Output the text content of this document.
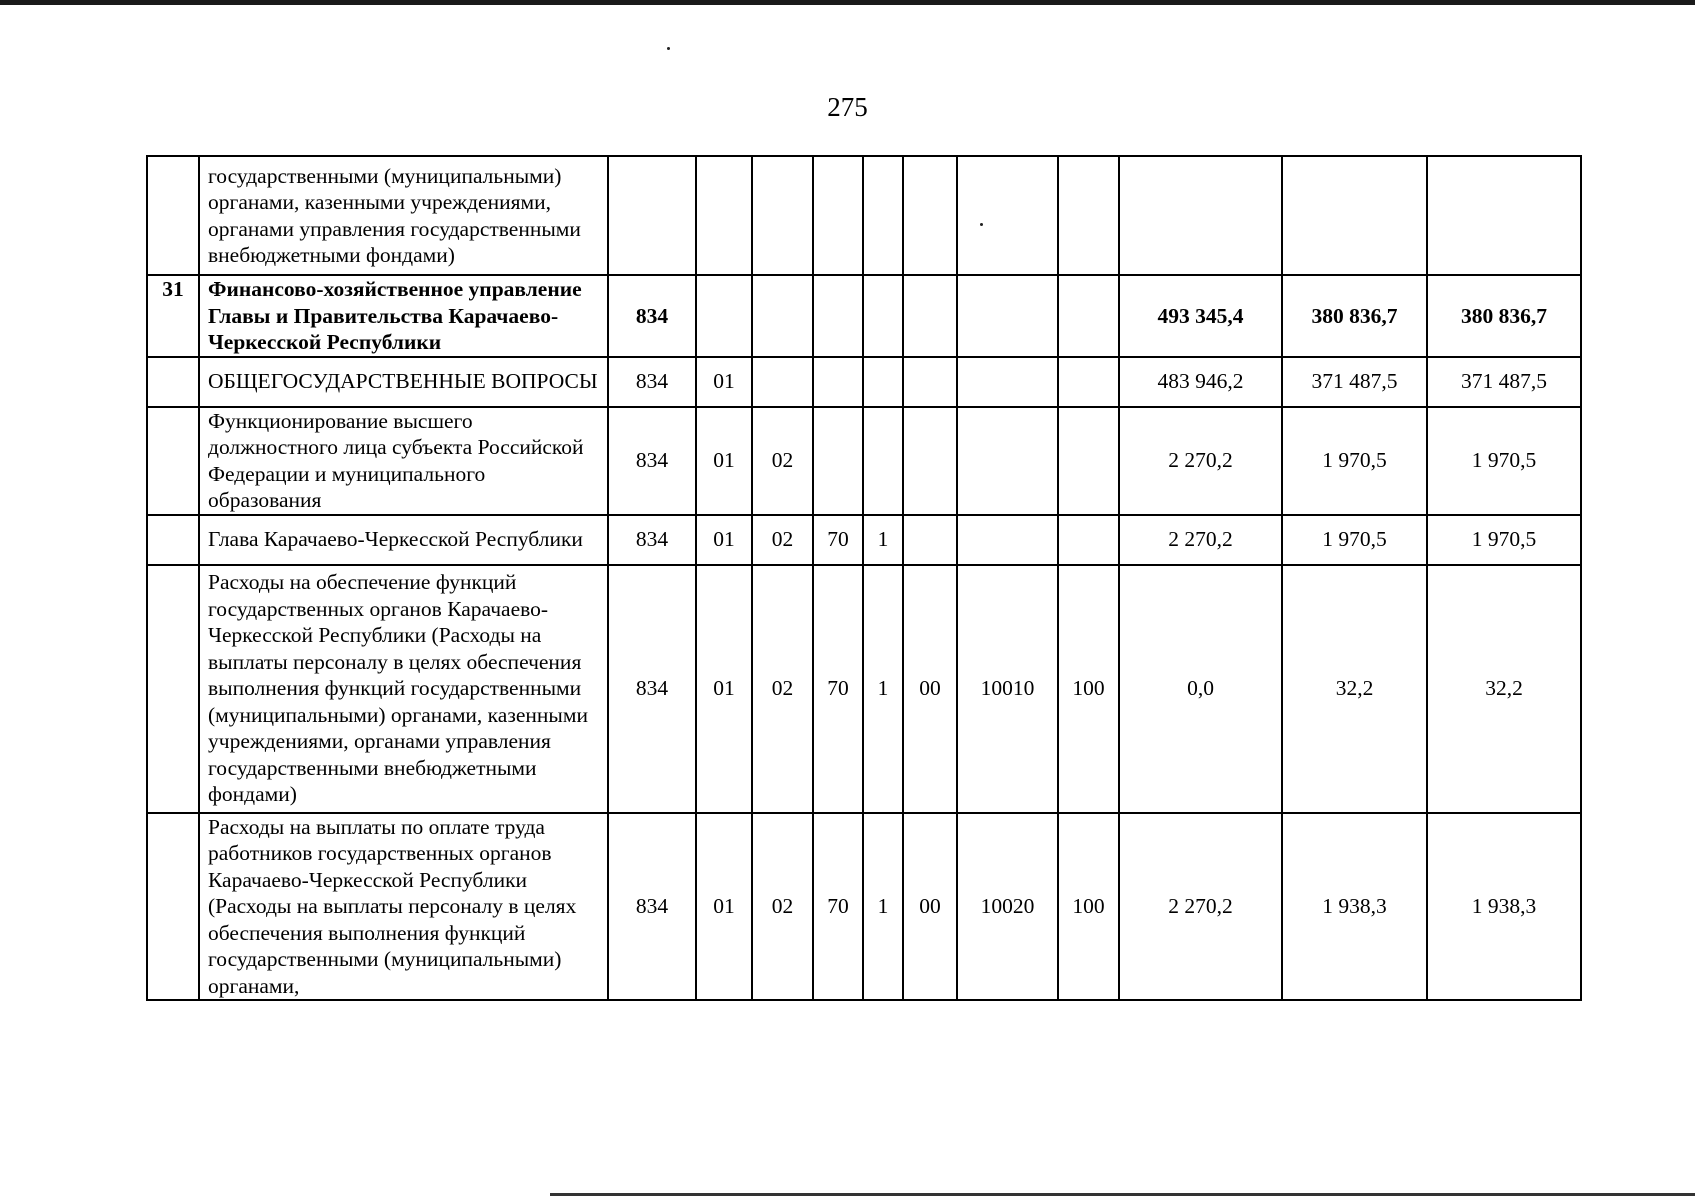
275
	государственными (муниципальными) органами, казенными учреждениями, органами управления государственными внебюджетными фондами)											
31	Финансово-хозяйственное управление Главы и Правительства Карачаево-Черкесской Республики	834								493 345,4	380 836,7	380 836,7
	ОБЩЕГОСУДАРСТВЕННЫЕ ВОПРОСЫ	834	01							483 946,2	371 487,5	371 487,5
	Функционирование высшего должностного лица субъекта Российской Федерации и муниципального образования	834	01	02						2 270,2	1 970,5	1 970,5
	Глава Карачаево-Черкесской Республики	834	01	02	70	1				2 270,2	1 970,5	1 970,5
	Расходы на обеспечение функций государственных органов Карачаево-Черкесской Республики (Расходы на выплаты персоналу в целях обеспечения выполнения функций государственными (муниципальными) органами, казенными учреждениями, органами управления государственными внебюджетными фондами)	834	01	02	70	1	00	10010	100	0,0	32,2	32,2
	Расходы на выплаты по оплате труда работников государственных органов Карачаево-Черкесской Республики (Расходы на выплаты персоналу в целях обеспечения выполнения функций государственными (муниципальными) органами,	834	01	02	70	1	00	10020	100	2 270,2	1 938,3	1 938,3
